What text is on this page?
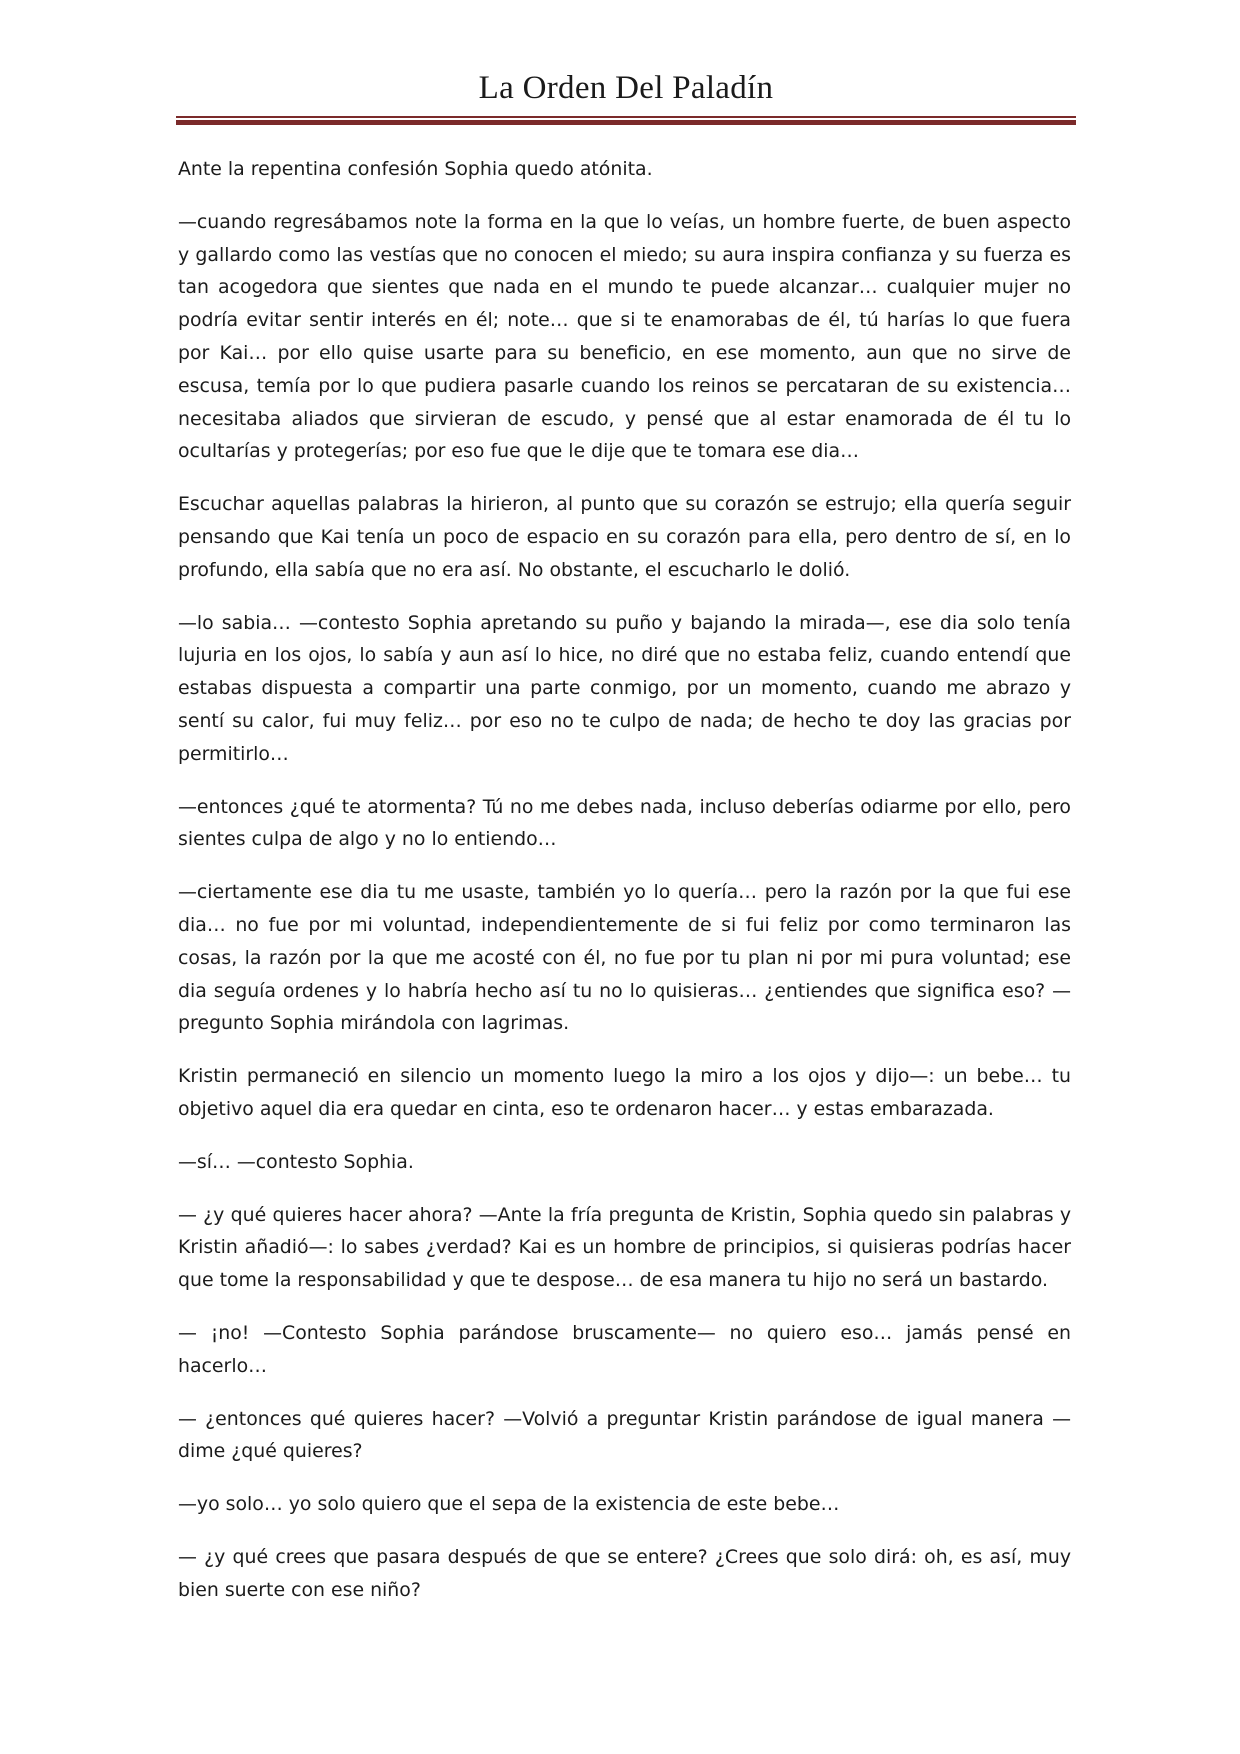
La Orden Del Paladín

Ante la repentina confesión Sophia quedo atónita.

—cuando regresábamos note la forma en la que lo veías, un hombre fuerte, de buen aspecto y gallardo como las vestías que no conocen el miedo; su aura inspira confianza y su fuerza es tan acogedora que sientes que nada en el mundo te puede alcanzar… cualquier mujer no podría evitar sentir interés en él; note… que si te enamorabas de él, tú harías lo que fuera por Kai… por ello quise usarte para su beneficio, en ese momento, aun que no sirve de escusa, temía por lo que pudiera pasarle cuando los reinos se percataran de su existencia… necesitaba aliados que sirvieran de escudo, y pensé que al estar enamorada de él tu lo ocultarías y protegerías; por eso fue que le dije que te tomara ese dia…

Escuchar aquellas palabras la hirieron, al punto que su corazón se estrujo; ella quería seguir pensando que Kai tenía un poco de espacio en su corazón para ella, pero dentro de sí, en lo profundo, ella sabía que no era así. No obstante, el escucharlo le dolió.

—lo sabia… —contesto Sophia apretando su puño y bajando la mirada—, ese dia solo tenía lujuria en los ojos, lo sabía y aun así lo hice, no diré que no estaba feliz, cuando entendí que estabas dispuesta a compartir una parte conmigo, por un momento, cuando me abrazo y sentí su calor, fui muy feliz… por eso no te culpo de nada; de hecho te doy las gracias por permitirlo…

—entonces ¿qué te atormenta? Tú no me debes nada, incluso deberías odiarme por ello, pero sientes culpa de algo y no lo entiendo…

—ciertamente ese dia tu me usaste, también yo lo quería… pero la razón por la que fui ese dia… no fue por mi voluntad, independientemente de si fui feliz por como terminaron las cosas, la razón por la que me acosté con él, no fue por tu plan ni por mi pura voluntad; ese dia seguía ordenes y lo habría hecho así tu no lo quisieras… ¿entiendes que significa eso? —pregunto Sophia mirándola con lagrimas.

Kristin permaneció en silencio un momento luego la miro a los ojos y dijo—: un bebe… tu objetivo aquel dia era quedar en cinta, eso te ordenaron hacer… y estas embarazada.

—sí… —contesto Sophia.

— ¿y qué quieres hacer ahora? —Ante la fría pregunta de Kristin, Sophia quedo sin palabras y Kristin añadió—: lo sabes ¿verdad? Kai es un hombre de principios, si quisieras podrías hacer que tome la responsabilidad y que te despose… de esa manera tu hijo no será un bastardo.

— ¡no! —Contesto Sophia parándose bruscamente— no quiero eso… jamás pensé en hacerlo…

— ¿entonces qué quieres hacer? —Volvió a preguntar Kristin parándose de igual manera —dime ¿qué quieres?

—yo solo… yo solo quiero que el sepa de la existencia de este bebe…

— ¿y qué crees que pasara después de que se entere? ¿Crees que solo dirá: oh, es así, muy bien suerte con ese niño?
